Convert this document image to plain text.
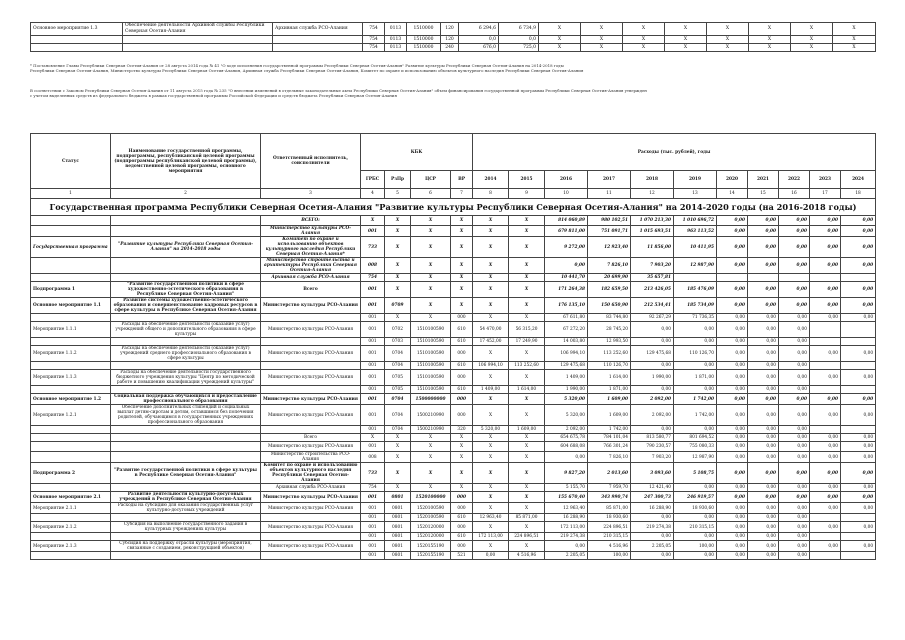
Основное мероприятие 1.3	Обеспечение деятельности Архивной службы Республики Северная Осетия-Алания	Архивная служба РСО-Алания	754	0113	1510000	120	6 294,6	6 734,9	X	X	X	X	X	X	X	X
			754	0113	1510000	120	0,0	0,0	X	X	X	X	X	X	X	X
			754	0113	1510000	240	676,0	725,0	X	X	X	X	X	X	X	X

* Постановление Главы Республики Северная Осетия-Алания от 28 августа 2014 года № 41 "О ходе исполнения государственной программы Республики Северная Осетия-Алания" Развитие культуры Республики Северная Осетия-Алания на 2014-2018 годы

Республики Северная Осетия-Алания, Министерство культуры Республики Северная Осетия-Алания, Архивная служба Республики Северная Осетия-Алания, Комитет по охране и использованию объектов культурного наследия Республики Северная Осетия-Алания

В соответствии с Законом Республики Северная Осетия-Алания от 11 августа 2015 года № 235 "О внесении изменений в отдельные законодательные акты Республики Северная Осетия-Алания" объем финансирования государственной программы Республики Северная Осетия-Алания утвержден

с учетом выделенных средств из федерального бюджета в рамках государственной программы Российской Федерации и средств бюджета Республики Северная Осетия-Алания

Статус	Наименование государственной программы, подпрограммы, республиканской целевой программы (подпрограммы республиканской целевой программы), ведомственной целевой программы, основного мероприятия	Ответственный исполнитель, соисполнители	КБК				Расходы (тыс. рублей), годы										
			ГРБС	РзПр	ЦСР	ВР	2014	2015	2016	2017	2018	2019	2020	2021	2022	2023	2024
1	2	3	4	5	6	7	8	9	10	11	12	13	14	15	16	17	18
Государственная программа Республики Северная Осетия-Алания "Развитие культуры Республики Северная Осетия-Алания" на 2014-2020 годы (на 2016-2018 годы)																	
		ВСЕГО:	X	X	X	X	X	X	814 060,89	980 102,51	1 070 213,30	1 010 696,72	0,00	0,00	0,00	0,00	0,00
		Министерство культуры РСО-Алания	001	X	X	X	X	X	679 811,00	751 091,71	1 015 693,51	963 113,52	0,00	0,00	0,00	0,00	0,00
Государственная программа	"Развитие культуры Республики Северная Осетия-Алания" на 2014-2018 годы	Комитет по охране и использованию объектов культурного наследия Республики Северная Осетия-Алания*	733	X	X	X	X	X	9 272,00	12 923,40	11 856,00	10 411,95	0,00	0,00	0,00	0,00	0,00
		Министерство строительства и архитектуры Республики Северная Осетия-Алания	008	X	X	X	X	X	0,00	7 826,10	7 903,20	12 987,90	0,00	0,00	0,00	0,00	0,00
		Архивная служба РСО-Алания	754	X	X	X	X	X	10 441,70	20 699,90	35 657,81						
Подпрограмма 1	"Развитие государственной политики в сфере художественно-эстетического образования в Республике Северная Осетия-Алания"	Всего	001	X	X	X	X	X	171 264,38	182 659,50	213 426,05	185 476,09	0,00	0,00	0,00	0,00	0,00
Основное мероприятие 1.1	Развитие системы художественно-эстетического образования и совершенствование кадровых ресурсов в сфере культуры в Республике Северная Осетия-Алания	Министерство культуры РСО-Алания	001	0709	X	X	X	X	176 135,10	150 650,90	212 534,41	185 734,09	0,00	0,00	0,00	0,00	0,00
			001	X	X	000	X	X	67 611,80	83 744,80	92 267,29	71 736,35	0,00	0,00	0,00	0,00	0,00
Мероприятие 1.1.1	Расходы на обеспечение деятельности (оказание услуг) учреждений общего и дополнительного образования в сфере культуры	Министерство культуры РСО-Алания	001	0702	1510100590	610	54 470,00	56 315,20	67 272,20	28 745,20	0,00	0,00	0,00	0,00	0,00		
			001	0703	1510100590	610	17 452,00	17 249,90	14 003,80	12 993,50	0,00	0,00	0,00	0,00	0,00		
Мероприятие 1.1.2	Расходы на обеспечение деятельности (оказание услуг) учреждений среднего профессионального образования в сфере культуры	Министерство культуры РСО-Алания	001	0704	1510100590	000	X	X	106 994,10	113 252,60	129 475,68	110 126,70	0,00	0,00	0,00	0,00	0,00
			001	0704	1510100590	610	106 994,10	113 252,60	129 475,68	110 126,70	0,00	0,00	0,00	0,00	0,00		
Мероприятие 1.1.3	Расходы на обеспечение деятельности государственного бюджетного учреждения культуры "Центр по методической работе и повышению квалификации учреждений культуры"	Министерство культуры РСО-Алания	001	0705	1510100590	000	X	X	1 409,00	1 614,00	1 990,00	1 871,00	0,00	0,00	0,00	0,00	0,00
			001	0705	1510100590	610	1 409,00	1 614,00	1 990,00	1 871,00	0,00	0,00	0,00	0,00	0,00		
Основное мероприятие 1.2	Социальная поддержка обучающихся и предоставление профессионального образования	Министерство культуры РСО-Алания	001	0704	1500000000	000	X	X	5 320,00	1 609,00	2 092,00	1 742,00	0,00	0,00	0,00	0,00	0,00
Мероприятие 1.2.1	Обеспечение дополнительных стипендий и социальных выплат детям-сиротам и детям, оставшимся без попечения родителей, обучающимся в государственных учреждениях профессионального образования	Министерство культуры РСО-Алания	001	0704	1500210990	000	X	X	5 320,00	1 609,00	2 092,00	1 742,00	0,00	0,00	0,00	0,00	0,00
			001	0704	1500210990	320	5 320,00	1 609,00	2 092,00	1 742,00	0,00	0,00	0,00	0,00	0,00		
		Всего	X	X	X	X	X	X	654 675,78	784 101,04	813 580,77	801 694,52	0,00	0,00	0,00	0,00	0,00
		Министерство культуры РСО-Алания	001	X	X	X	X	X	604 688,08	766 301,24	790 230,57	755 080,33	0,00	0,00	0,00	0,00	0,00
		Министерство строительства РСО-Алания	008	X	X	X	X	X	0,00	7 826,10	7 903,20	12 987,90	0,00	0,00	0,00	0,00	0,00
Подпрограмма 2	"Развитие государственной политики в сфере культуры в Республике Северная Осетия-Алания"	Комитет по охране и использованию объектов культурного наследия Республики Северная Осетия-Алания	733	X	X	X	X	X	9 827,20	2 013,60	3 093,60	5 108,75	0,00	0,00	0,00	0,00	0,00
		Архивная служба РСО-Алания	754	X	X	X	X	X	5 155,70	7 959,70	12 421,40	0,00	0,00	0,00	0,00	0,00	0,00
Основное мероприятие 2.1	Развитие деятельности культурно-досуговых учреждений в Республике Северная Осетия-Алания	Министерство культуры РСО-Алания	001	0801	1520100000	000	X	X	155 670,40	343 990,74	247 300,73	246 919,57	0,00	0,00	0,00	0,00	0,00
Мероприятие 2.1.1	Расходы на субсидию для оказания государственных услуг культурно-досуговых учреждений	Министерство культуры РСО-Алания	001	0801	1520100590	000	X	X	12 963,40	85 871,00	16 288,90	18 930,60	0,00	0,00	0,00	0,00	0,00
			001	0801	1520100590	610	12 963,40	85 871,00	16 288,90	18 930,60	0,00	0,00	0,00	0,00	0,00		
Мероприятие 2.1.2	Субсидия на выполнение государственного задания в культурных учреждениях культуры	Министерство культуры РСО-Алания	001	0801	1520120000	000	X	X	172 113,00	224 896,51	219 274,38	210 315,15	0,00	0,00	0,00	0,00	0,00
			001	0801	1520120000	610	172 113,00	224 896,51	219 274,38	210 315,15	0,00	0,00	0,00	0,00	0,00		
Мероприятие 2.1.3	Субсидия на поддержку отрасли культуры (мероприятия, связанные с созданием, реконструкцией объектов)	Министерство культуры РСО-Алания	001	0801	1520155190	000	X	X	0,00	4 516,96	2 205,05	100,00	0,00	0,00	0,00	0,00	0,00
			001	0801	1520155190	521	0,00	4 516,96	2 205,05	100,00	0,00	0,00	0,00	0,00	0,00		
